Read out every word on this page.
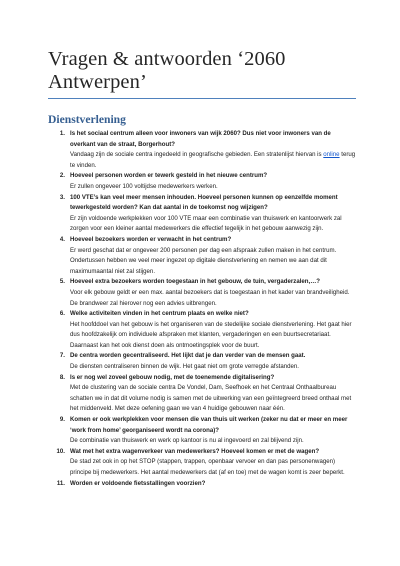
Vragen & antwoorden ‘2060
Antwerpen’
Dienstverlening
1. Is het sociaal centrum alleen voor inwoners van wijk 2060? Dus niet voor inwoners van de overkant van de straat, Borgerhout?
Vandaag zijn de sociale centra ingedeeld in geografische gebieden. Een stratenlijst hiervan is online terug te vinden.
2. Hoeveel personen worden er tewerk gesteld in het nieuwe centrum?
Er zullen ongeveer 100 voltijdse medewerkers werken.
3. 100 VTE’s kan veel meer mensen inhouden. Hoeveel personen kunnen op eenzelfde moment tewerkgesteld worden? Kan dat aantal in de toekomst nog wijzigen?
Er zijn voldoende werkplekken voor 100 VTE maar een combinatie van thuiswerk en kantoorwerk zal zorgen voor een kleiner aantal medewerkers die effectief tegelijk in het gebouw aanwezig zijn.
4. Hoeveel bezoekers worden er verwacht in het centrum?
Er werd geschat dat er ongeveer 200 personen per dag een afspraak zullen maken in het centrum. Ondertussen hebben we veel meer ingezet op digitale dienstverlening en nemen we aan dat dit maximumaantal niet zal stijgen.
5. Hoeveel extra bezoekers worden toegestaan in het gebouw, de tuin, vergaderzalen,…?
Voor elk gebouw geldt er een max. aantal bezoekers dat is toegestaan in het kader van brandveiligheid. De brandweer zal hierover nog een advies uitbrengen.
6. Welke activiteiten vinden in het centrum plaats en welke niet?
Het hoofddoel van het gebouw is het organiseren van de stedelijke sociale dienstverlening. Het gaat hier dus hoofdzakelijk om individuele afspraken met klanten, vergaderingen en een buurtsecretariaat. Daarnaast kan het ook dienst doen als ontmoetingsplek voor de buurt.
7. De centra worden gecentraliseerd. Het lijkt dat je dan verder van de mensen gaat.
De diensten centraliseren binnen de wijk. Het gaat niet om grote verregde afstanden.
8. Is er nog wel zoveel gebouw nodig, met de toenemende digitalisering?
Met de clustering van de sociale centra De Vondel, Dam, Seefhoek en het Centraal Onthaalbureau schatten we in dat dit volume nodig is samen met de uitwerking van een geïntegreerd breed onthaal met het middenveld. Met deze oefening gaan we van 4 huidige gebouwen naar één.
9. Komen er ook werkplekken voor mensen die van thuis uit werken (zeker nu dat er meer en meer ‘work from home’ georganiseerd wordt na corona)?
De combinatie van thuiswerk en werk op kantoor is nu al ingevoerd en zal blijvend zijn.
10. Wat met het extra wagenverkeer van medewerkers? Hoeveel komen er met de wagen?
De stad zet ook in op het STOP (stappen, trappen, openbaar vervoer en dan pas personenwagen) principe bij medewerkers. Het aantal medewerkers dat (af en toe) met de wagen komt is zeer beperkt.
11. Worden er voldoende fietsstallingen voorzien?
